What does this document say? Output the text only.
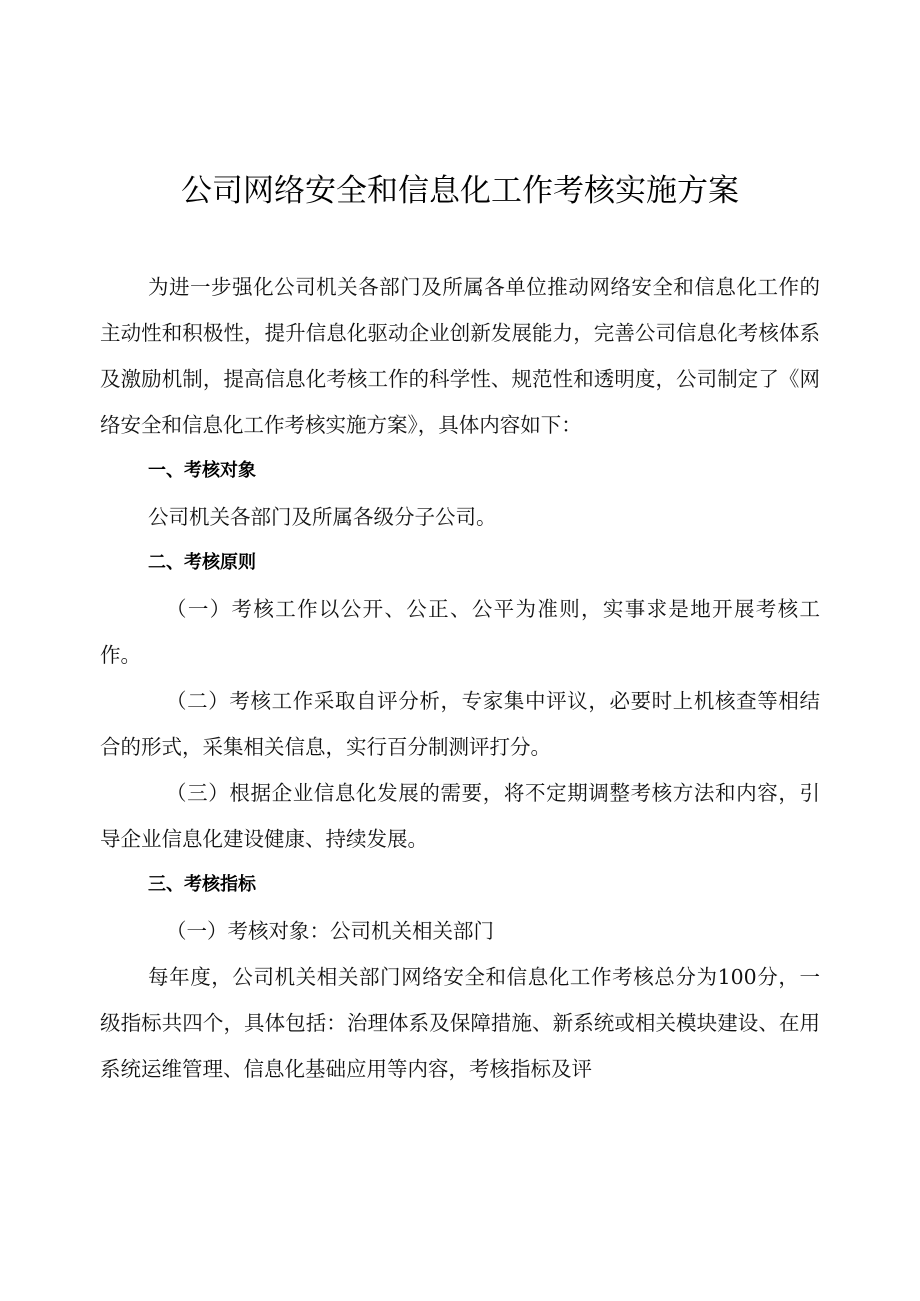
公司网络安全和信息化工作考核实施方案

为进一步强化公司机关各部门及所属各单位推动网络安全和信息化工作的主动性和积极性，提升信息化驱动企业创新发展能力，完善公司信息化考核体系及激励机制，提高信息化考核工作的科学性、规范性和透明度，公司制定了《网络安全和信息化工作考核实施方案》，具体内容如下：

一、考核对象

公司机关各部门及所属各级分子公司。

二、考核原则

（一）考核工作以公开、公正、公平为准则，实事求是地开展考核工作。

（二）考核工作采取自评分析，专家集中评议，必要时上机核查等相结合的形式，采集相关信息，实行百分制测评打分。

（三）根据企业信息化发展的需要，将不定期调整考核方法和内容，引导企业信息化建设健康、持续发展。

三、考核指标

（一）考核对象：公司机关相关部门

每年度，公司机关相关部门网络安全和信息化工作考核总分为100分，一级指标共四个，具体包括：治理体系及保障措施、新系统或相关模块建设、在用系统运维管理、信息化基础应用等内容，考核指标及评
